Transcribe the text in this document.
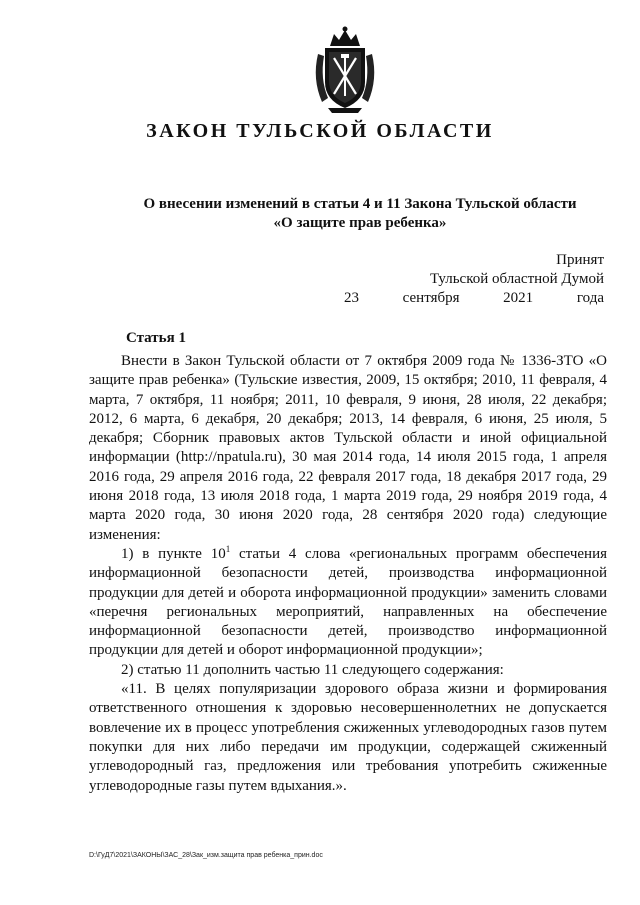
ЗАКОН ТУЛЬСКОЙ ОБЛАСТИ
О внесении изменений в статьи 4 и 11 Закона Тульской области
«О защите прав ребенка»
Принят
Тульской областной Думой
23 сентября 2021 года
Статья 1

Внести в Закон Тульской области от 7 октября 2009 года № 1336-ЗТО «О защите прав ребенка» (Тульские известия, 2009, 15 октября; 2010, 11 февраля, 4 марта, 7 октября, 11 ноября; 2011, 10 февраля, 9 июня, 28 июля, 22 декабря; 2012, 6 марта, 6 декабря, 20 декабря; 2013, 14 февраля, 6 июня, 25 июля, 5 декабря; Сборник правовых актов Тульской области и иной официальной информации (http://npatula.ru), 30 мая 2014 года, 14 июля 2015 года, 1 апреля 2016 года, 29 апреля 2016 года, 22 февраля 2017 года, 18 декабря 2017 года, 29 июня 2018 года, 13 июля 2018 года, 1 марта 2019 года, 29 ноября 2019 года, 4 марта 2020 года, 30 июня 2020 года, 28 сентября 2020 года) следующие изменения:

1) в пункте $10^1$ статьи 4 слова «региональных программ обеспечения информационной безопасности детей, производства информационной продукции для детей и оборота информационной продукции» заменить словами «перечня региональных мероприятий, направленных на обеспечение информационной безопасности детей, производство информационной продукции для детей и оборот информационной продукции»;

2) статью 11 дополнить частью 11 следующего содержания:

«11. В целях популяризации здорового образа жизни и формирования ответственного отношения к здоровью несовершеннолетних не допускается вовлечение их в процесс употребления сжиженных углеводородных газов путем покупки для них либо передачи им продукции, содержащей сжиженный углеводородный газ, предложения или требования употребить сжиженные углеводородные газы путем вдыхания.».

D:\ГуД7\2021\ЗАКОНЫ\ЗАС_28\Зак_изм.защита прав ребенка_прин.doc
